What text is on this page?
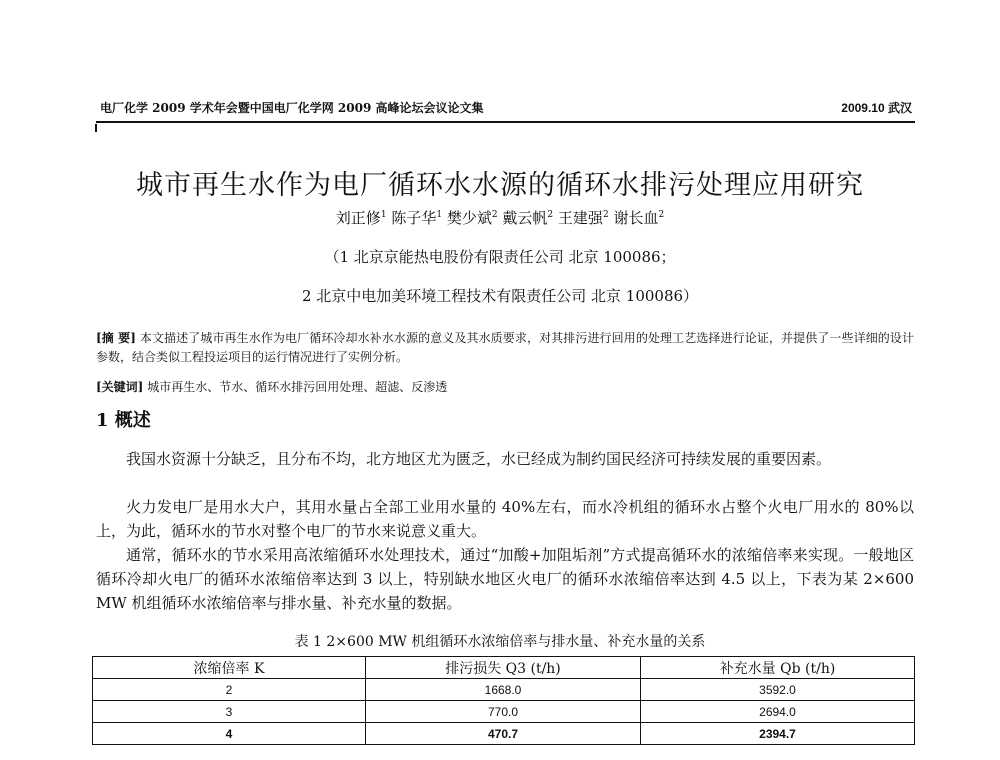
电厂化学 2009 学术年会暨中国电厂化学网 2009 高峰论坛会议论文集	2009.10 武汉
城市再生水作为电厂循环水水源的循环水排污处理应用研究
刘正修$^1$ 陈子华$^1$ 樊少斌$^2$ 戴云帆$^2$ 王建强$^2$ 谢长血$^2$
（1 北京京能热电股份有限责任公司 北京 100086；
2 北京中电加美环境工程技术有限责任公司 北京 100086）
[摘 要] 本文描述了城市再生水作为电厂循环冷却水补水水源的意义及其水质要求，对其排污进行回用的处理工艺选择进行论证，并提供了一些详细的设计参数，结合类似工程投运项目的运行情况进行了实例分析。
[关键词] 城市再生水、节水、循环水排污回用处理、超滤、反渗透
1 概述
我国水资源十分缺乏，且分布不均，北方地区尤为匮乏，水已经成为制约国民经济可持续发展的重要因素。
火力发电厂是用水大户，其用水量占全部工业用水量的 40%左右，而水冷机组的循环水占整个火电厂用水的 80%以上，为此，循环水的节水对整个电厂的节水来说意义重大。
通常，循环水的节水采用高浓缩循环水处理技术，通过“加酸+加阻垢剂”方式提高循环水的浓缩倍率来实现。一般地区循环冷却火电厂的循环水浓缩倍率达到 3 以上，特别缺水地区火电厂的循环水浓缩倍率达到 4.5 以上，下表为某 2×600 MW 机组循环水浓缩倍率与排水量、补充水量的数据。
表 1 2×600 MW 机组循环水浓缩倍率与排水量、补充水量的关系
浓缩倍率 K	排污损失 Q3 (t/h)	补充水量 Qb (t/h)
2	1668.0	3592.0
3	770.0	2694.0
4	470.7	2394.7
